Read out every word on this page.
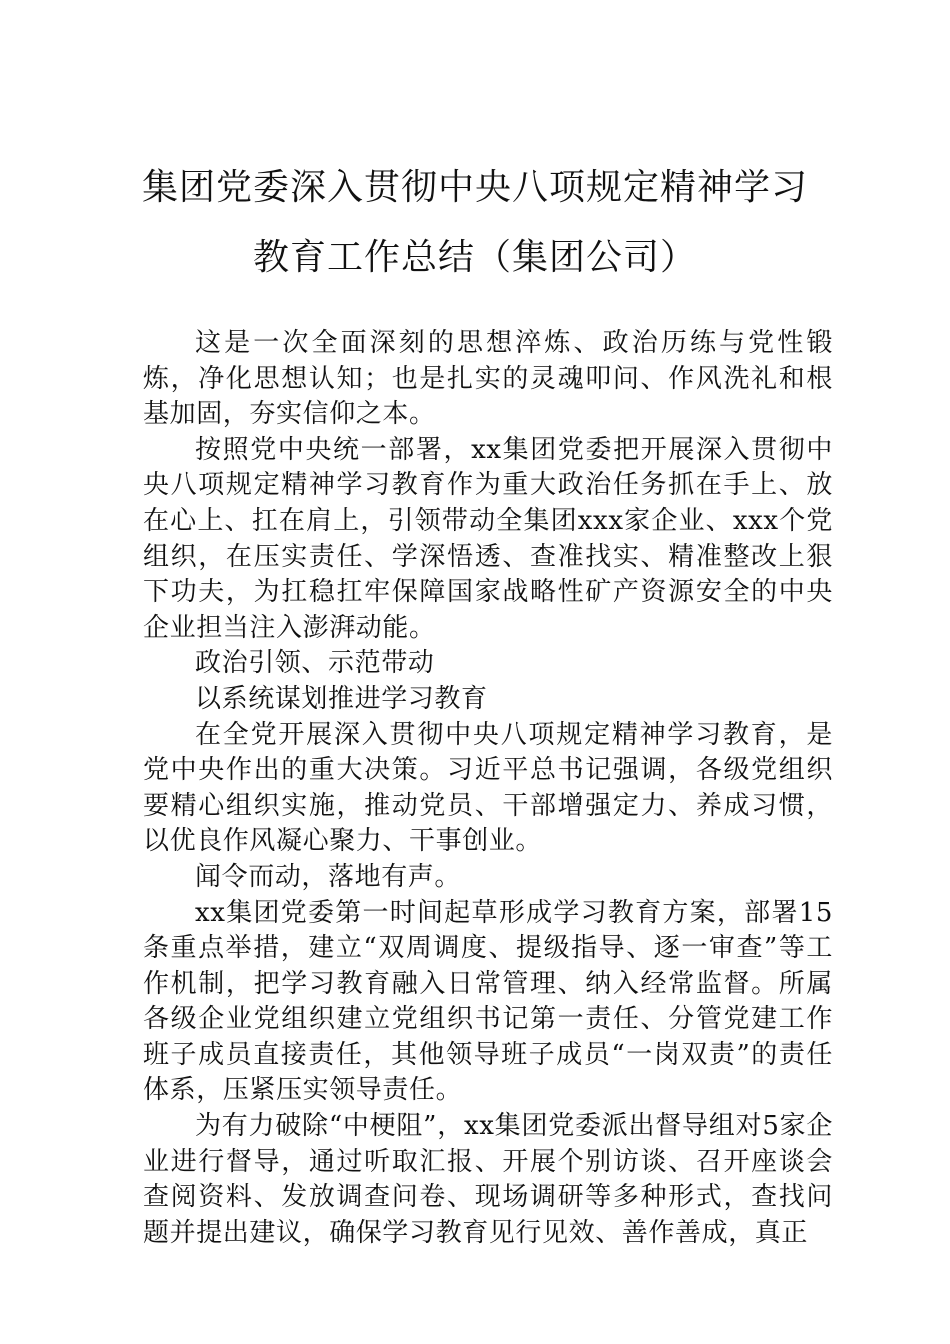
集团党委深入贯彻中央八项规定精神学习
教育工作总结（集团公司）

这是一次全面深刻的思想淬炼、政治历练与党性锻炼，净化思想认知；也是扎实的灵魂叩问、作风洗礼和根基加固，夯实信仰之本。

按照党中央统一部署，xx集团党委把开展深入贯彻中央八项规定精神学习教育作为重大政治任务抓在手上、放在心上、扛在肩上，引领带动全集团xxx家企业、xxx个党组织，在压实责任、学深悟透、查准找实、精准整改上狠下功夫，为扛稳扛牢保障国家战略性矿产资源安全的中央企业担当注入澎湃动能。

政治引领、示范带动

以系统谋划推进学习教育

在全党开展深入贯彻中央八项规定精神学习教育，是党中央作出的重大决策。习近平总书记强调，各级党组织要精心组织实施，推动党员、干部增强定力、养成习惯，以优良作风凝心聚力、干事创业。

闻令而动，落地有声。

xx集团党委第一时间起草形成学习教育方案，部署15条重点举措，建立“双周调度、提级指导、逐一审查”等工作机制，把学习教育融入日常管理、纳入经常监督。所属各级企业党组织建立党组织书记第一责任、分管党建工作班子成员直接责任，其他领导班子成员“一岗双责”的责任体系，压紧压实领导责任。

为有力破除“中梗阻”，xx集团党委派出督导组对5家企业进行督导，通过听取汇报、开展个别访谈、召开座谈会查阅资料、发放调查问卷、现场调研等多种形式，查找问题并提出建议，确保学习教育见行见效、善作善成，真正
